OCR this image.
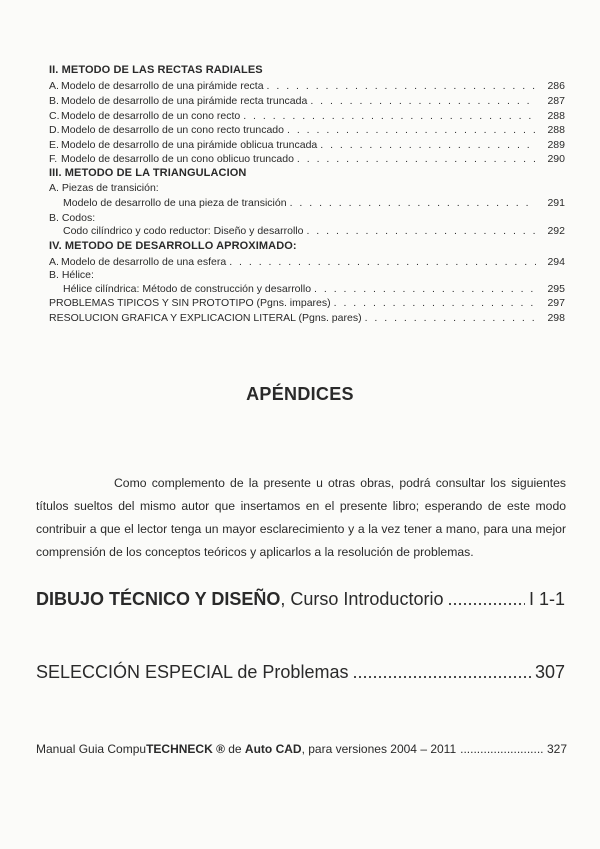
II. METODO DE LAS RECTAS RADIALES
A. Modelo de desarrollo de una pirámide recta . . .	286
B. Modelo de desarrollo de una pirámide recta truncada . . .	287
C. Modelo de desarrollo de un cono recto . . .	288
D. Modelo de desarrollo de un cono recto truncado . . .	288
E. Modelo de desarrollo de una pirámide oblicua truncada . . .	289
F. Modelo de desarrollo de un cono oblicuo truncado . . .	290
III. METODO DE LA TRIANGULACION
A. Piezas de transición:
Modelo de desarrollo de una pieza de transición . . .	291
B. Codos:
Codo cilíndrico y codo reductor: Diseño y desarrollo . . .	292
IV. METODO DE DESARROLLO APROXIMADO:
A. Modelo de desarrollo de una esfera . . .	294
B. Hélice:
Hélice cilíndrica: Método de construcción y desarrollo . . .	295
PROBLEMAS TIPICOS Y SIN PROTOTIPO (Pgns. impares) . . .	297
RESOLUCION GRAFICA Y EXPLICACION LITERAL (Pgns. pares) . . .	298
APÉNDICES
Como complemento de la presente u otras obras, podrá consultar los siguientes títulos sueltos del mismo autor que insertamos en el presente libro; esperando de este modo contribuir a que el lector tenga un mayor esclarecimiento y a la vez tener a mano, para una mejor comprensión de los conceptos teóricos y aplicarlos a la resolución de problemas.
DIBUJO TÉCNICO Y DISEÑO , Curso Introductorio .....	I 1-1
SELECCIÓN ESPECIAL de Problemas .....	307
Manual Guia Compu TECHNECK ® de Auto CAD , para versiones 2004 – 2011 .....	327
